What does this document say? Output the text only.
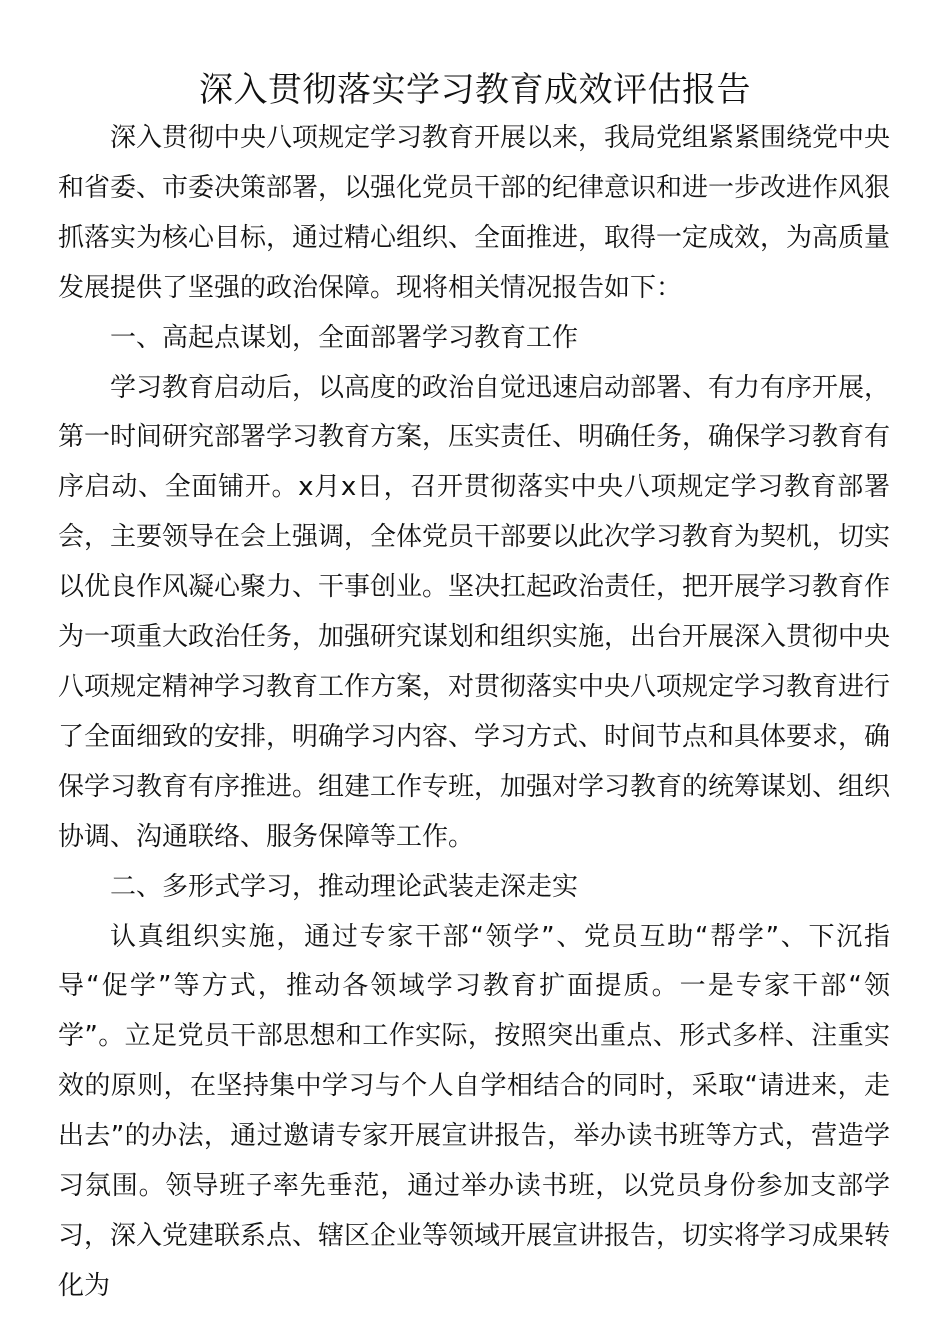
深入贯彻落实学习教育成效评估报告

深入贯彻中央八项规定学习教育开展以来，我局党组紧紧围绕党中央和省委、市委决策部署，以强化党员干部的纪律意识和进一步改进作风狠抓落实为核心目标，通过精心组织、全面推进，取得一定成效，为高质量发展提供了坚强的政治保障。现将相关情况报告如下：

一、高起点谋划，全面部署学习教育工作

学习教育启动后，以高度的政治自觉迅速启动部署、有力有序开展，第一时间研究部署学习教育方案，压实责任、明确任务，确保学习教育有序启动、全面铺开。x月x日，召开贯彻落实中央八项规定学习教育部署会，主要领导在会上强调，全体党员干部要以此次学习教育为契机，切实以优良作风凝心聚力、干事创业。坚决扛起政治责任，把开展学习教育作为一项重大政治任务，加强研究谋划和组织实施，出台开展深入贯彻中央八项规定精神学习教育工作方案，对贯彻落实中央八项规定学习教育进行了全面细致的安排，明确学习内容、学习方式、时间节点和具体要求，确保学习教育有序推进。组建工作专班，加强对学习教育的统筹谋划、组织协调、沟通联络、服务保障等工作。

二、多形式学习，推动理论武装走深走实

认真组织实施，通过专家干部“领学”、党员互助“帮学”、下沉指导“促学”等方式，推动各领域学习教育扩面提质。一是专家干部“领学”。立足党员干部思想和工作实际，按照突出重点、形式多样、注重实效的原则，在坚持集中学习与个人自学相结合的同时，采取“请进来，走出去”的办法，通过邀请专家开展宣讲报告，举办读书班等方式，营造学习氛围。领导班子率先垂范，通过举办读书班，以党员身份参加支部学习，深入党建联系点、辖区企业等领域开展宣讲报告，切实将学习成果转化为
